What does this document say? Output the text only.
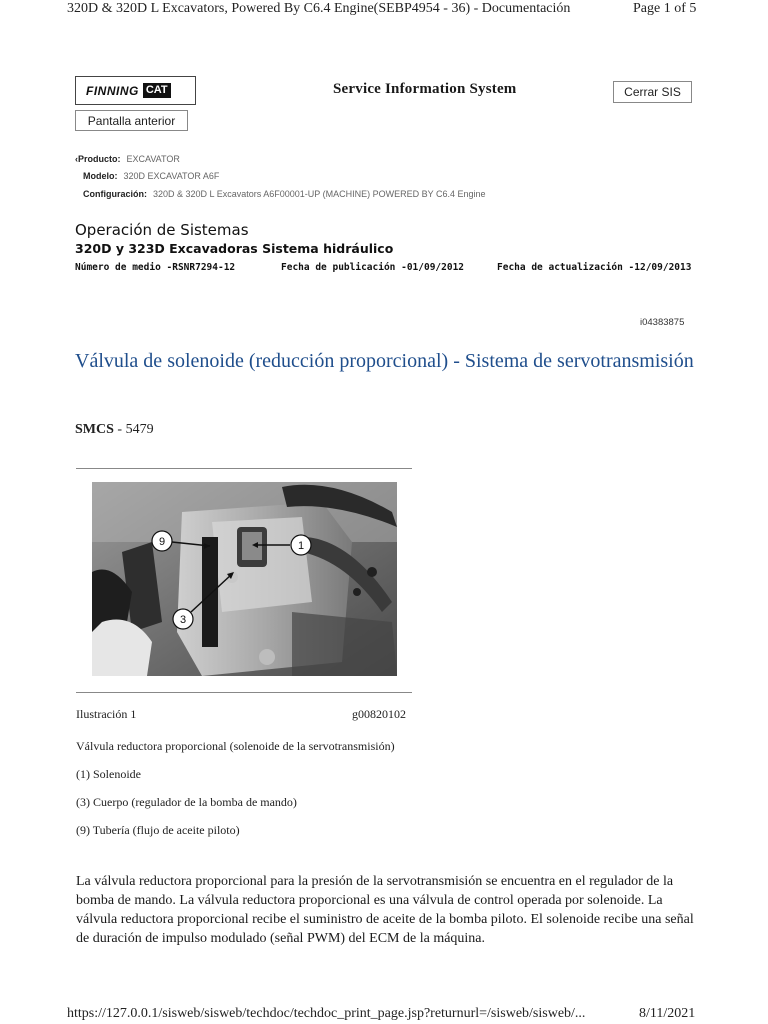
320D & 320D L Excavators, Powered By C6.4 Engine(SEBP4954 - 36) - Documentación	Page 1 of 5
FINNING CAT	Service Information System	Cerrar SIS
Pantalla anterior
‹Producto: EXCAVATOR
Modelo: 320D EXCAVATOR A6F
Configuración: 320D & 320D L Excavators A6F00001-UP (MACHINE) POWERED BY C6.4 Engine
Operación de Sistemas
320D y 323D Excavadoras Sistema hidráulico
Número de medio -RSNR7294-12	Fecha de publicación -01/09/2012	Fecha de actualización -12/09/2013
i04383875
Válvula de solenoide (reducción proporcional) - Sistema de servotransmisión
SMCS - 5479
9	1
3
Ilustración 1	g00820102
Válvula reductora proporcional (solenoide de la servotransmisión)
(1) Solenoide
(3) Cuerpo (regulador de la bomba de mando)
(9) Tubería (flujo de aceite piloto)
La válvula reductora proporcional para la presión de la servotransmisión se encuentra en el regulador de la bomba de mando. La válvula reductora proporcional es una válvula de control operada por solenoide. La válvula reductora proporcional recibe el suministro de aceite de la bomba piloto. El solenoide recibe una señal de duración de impulso modulado (señal PWM) del ECM de la máquina.
https://127.0.0.1/sisweb/sisweb/techdoc/techdoc_print_page.jsp?returnurl=/sisweb/sisweb/...	8/11/2021
